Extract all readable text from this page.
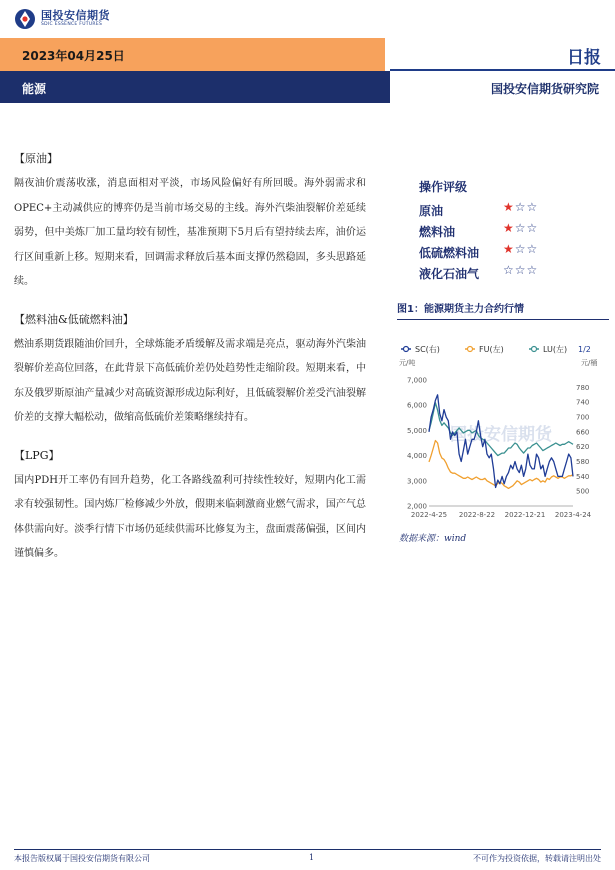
国投安信期货
SDIC ESSENCE FUTURES
2023年04月25日	日报
能源	国投安信期货研究院
【原油】

隔夜油价震荡收涨，消息面相对平淡，市场风险偏好有所回暖。海外弱需求和OPEC+主动减供应的博弈仍是当前市场交易的主线。海外汽柴油裂解价差延续弱势，但中美炼厂加工量均较有韧性，基准预期下5月后有望持续去库，油价运行区间重新上移。短期来看，回调需求释放后基本面支撑仍然稳固，多头思路延续。

【燃料油&低硫燃料油】

燃油系期货跟随油价回升，全球炼能矛盾缓解及需求端是亮点，驱动海外汽柴油裂解价差高位回落，在此背景下高低硫价差仍处趋势性走缩阶段。短期来看，中东及俄罗斯原油产量减少对高硫资源形成边际利好，且低硫裂解价差受汽油裂解价差的支撑大幅松动，做缩高低硫价差策略继续持有。

【LPG】

国内PDH开工率仍有回升趋势，化工各路线盈利可持续性较好，短期内化工需求有较强韧性。国内炼厂检修减少外放，假期来临刺激商业燃气需求，国产气总体供需向好。淡季行情下市场仍延续供需环比修复为主，盘面震荡偏强，区间内谨慎偏多。

操作评级
原油	★☆☆
燃料油	★☆☆
低硫燃料油 ★☆☆
液化石油气 ☆☆☆
图1：能源期货主力合约行情
SC(右)	FU(左)	LU(左) 1/2
元/吨	元/桶
2,000
3,000
4,000
5,000
6,000
7,000
500
540
580
620
660
700
740
780
国投安信期货
2022-4-25 2022-8-22 2022-12-21 2023-4-24
数据来源：wind
本报告版权属于国投安信期货有限公司	1	不可作为投资依据，转载请注明出处
